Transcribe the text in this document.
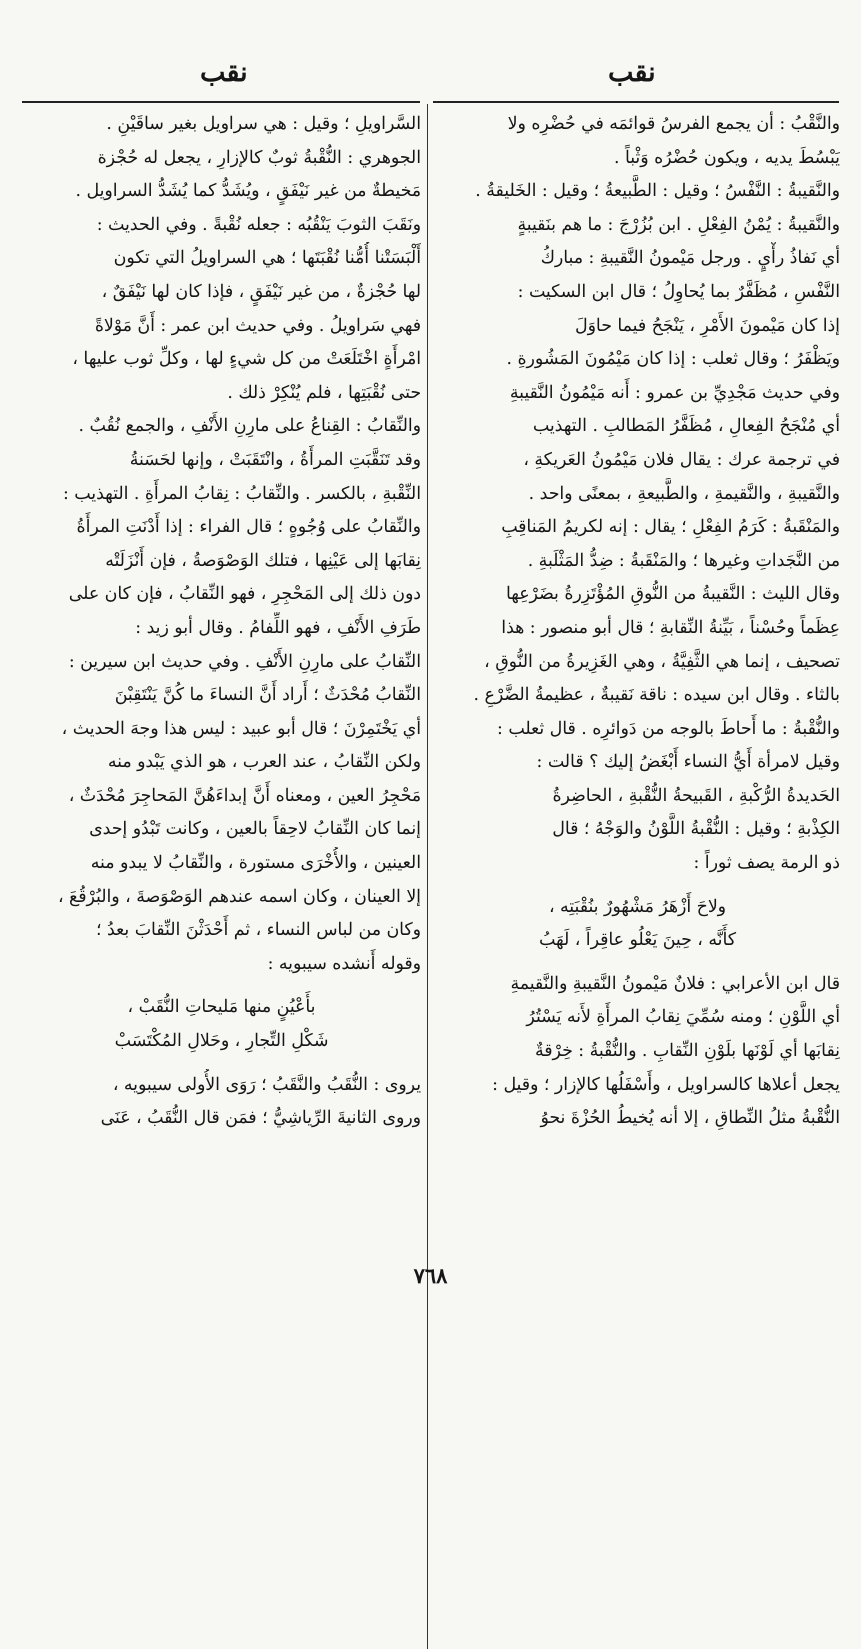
نقب
نقب
والنَّقْبُ : أن يجمع الفرسُ قوائمَه في حُضْرِه ولا
يَبْسُطَ يديه ، ويكون حُضْرُه وَثْباً .
والنَّقيبةُ : النَّفْسُ ؛ وقيل : الطَّبيعةُ ؛ وقيل : الخَليقةُ .
والنَّقيبةُ : يُمْنُ الفِعْلِ . ابن بُزُرْجَ : ما هم بنَقيبةٍ
أي نَفاذُ رأْيٍ . ورجل مَيْمونُ النَّقيبةِ : مباركُ
النَّفْسِ ، مُظَفَّرٌ بما يُحاوِلُ ؛ قال ابن السكيت :
إذا كان مَيْمونَ الأَمْرِ ، يَنْجَحُ فيما حاوَلَ
ويَظْفَرُ ؛ وقال ثعلب : إذا كان مَيْمُونَ المَشُورةِ .
وفي حديث مَجْدِيِّ بن عمرو : أَنه مَيْمُونُ النَّقيبةِ
أي مُنْجَحُ الفِعالِ ، مُظَفَّرُ المَطالبِ . التهذيب
في ترجمة عرك : يقال فلان مَيْمُونُ العَريكةِ ،
والنَّقيبةِ ، والنَّقيمةِ ، والطَّبيعةِ ، بمعنًى واحد .
والمَنْقَبةُ : كَرَمُ الفِعْلِ ؛ يقال : إنه لكريمُ المَناقِبِ
من النَّجَداتِ وغيرها ؛ والمَنْقَبةُ : ضِدُّ المَثْلَبةِ .
وقال الليث : النَّقيبةُ من النُّوقِ المُؤْتَزِرةُ بضَرْعِها
عِظَماً وحُسْناً ، بَيِّنةُ النِّقابةِ ؛ قال أبو منصور : هذا
تصحيف ، إنما هي الثَّفِيَّةُ ، وهي الغَزِيرةُ من النُّوقِ ،
بالثاء . وقال ابن سيده : ناقة نَقيبةٌ ، عظيمةُ الضَّرْعِ .
والنُّقْبةُ : ما أَحاطَ بالوجه من دَوائرِه . قال ثعلب :
وقيل لامرأة أَيُّ النساء أَبْغَضُ إليك ؟ قالت :
الحَديدةُ الرُّكْبةِ ، القَبيحةُ النُّقْبةِ ، الحاضِرةُ
الكِذْبةِ ؛ وقيل : النُّقْبةُ اللَّوْنُ والوَجْهُ ؛ قال
ذو الرمة يصف ثوراً :
ولاحَ أَزْهَرُ مَشْهُورٌ بنُقْبَتِه ،
كأَنَّه ، حِينَ يَعْلُو عاقِراً ، لَهَبُ
قال ابن الأعرابي : فلانٌ مَيْمونُ النَّقيبةِ والنَّقيمةِ
أي اللَّوْنِ ؛ ومنه سُمِّيَ نِقابُ المرأَةِ لأَنه يَسْتُرُ
نِقابَها أي لَوْنَها بلَوْنِ النِّقابِ . والنُّقْبةُ : خِرْقةٌ
يجعل أعلاها كالسراويل ، وأَسْفَلُها كالإزار ؛ وقيل :
النُّقْبةُ مثلُ النِّطاقِ ، إلا أنه يُخيطُ الحُزْةَ نحوُ
السَّراويلِ ؛ وقيل : هي سراويل بغير ساقَيْنِ .
الجوهري : النُّقْبةُ ثوبٌ كالإزارِ ، يجعل له حُجْزة
مَخيطةٌ من غير نَيْفَقٍ ، ويُشَدُّ كما يُشَدُّ السراويل .
ونَقَبَ الثوبَ يَنْقُبُه : جعله نُقْبةً . وفي الحديث :
أَلْبَسَتْنا أُمُّنا نُقْبَتَها ؛ هي السراويلُ التي تكون
لها حُجْزةٌ ، من غير نَيْفَقٍ ، فإذا كان لها نَيْفَقٌ ،
فهي سَراويلُ . وفي حديث ابن عمر : أَنَّ مَوْلاةً
امْرأَةٍ اخْتَلَعَتْ من كل شيءٍ لها ، وكلِّ ثوب عليها ،
حتى نُقْبَتِها ، فلم يُنْكِرْ ذلك .
والنِّقابُ : القِناعُ على مارِنِ الأَنْفِ ، والجمع نُقُبٌ .
وقد تَنَقَّبَتِ المرأَةُ ، وانْتَقَبَتْ ، وإنها لحَسَنةُ
النِّقْبةِ ، بالكسر . والنِّقابُ : نِقابُ المرأَةِ . التهذيب :
والنِّقابُ على وُجُوهٍ ؛ قال الفراء : إذا أَدْنَتِ المرأَةُ
نِقابَها إلى عَيْنِها ، فتلك الوَصْوَصةُ ، فإن أَنْزَلَتْه
دون ذلك إلى المَحْجِرِ ، فهو النِّقابُ ، فإن كان على
طَرَفِ الأَنْفِ ، فهو اللِّفامُ . وقال أبو زيد :
النِّقابُ على مارِنِ الأَنْفِ . وفي حديث ابن سيرين :
النِّقابُ مُحْدَثٌ ؛ أَراد أَنَّ النساءَ ما كُنَّ يَنْتَقِبْنَ
أي يَخْتَمِرْنَ ؛ قال أبو عبيد : ليس هذا وجهَ الحديث ،
ولكن النِّقابُ ، عند العرب ، هو الذي يَبْدو منه
مَحْجِرُ العين ، ومعناه أَنَّ إبداءَهُنَّ المَحاجِرَ مُحْدَثٌ ،
إنما كان النِّقابُ لاحِقاً بالعين ، وكانت تَبْدُو إحدى
العينين ، والأُخْرَى مستورة ، والنِّقابُ لا يبدو منه
إلا العينان ، وكان اسمه عندهم الوَصْوَصةَ ، والبُرْقُعَ ،
وكان من لباس النساء ، ثم أَحْدَثْنَ النِّقابَ بعدُ ؛
وقوله أَنشده سيبويه :
بأَعْيُنٍ منها مَليحاتِ النُّقَبْ ،
شَكْلِ التِّجارِ ، وحَلالِ المُكْتَسَبْ
يروى : النُّقَبُ والنَّقَبُ ؛ رَوَى الأُولى سيبويه ،
وروى الثانيةَ الرِّياشِيُّ ؛ فمَن قال النُّقَبُ ، عَنَى
٧٦٨
